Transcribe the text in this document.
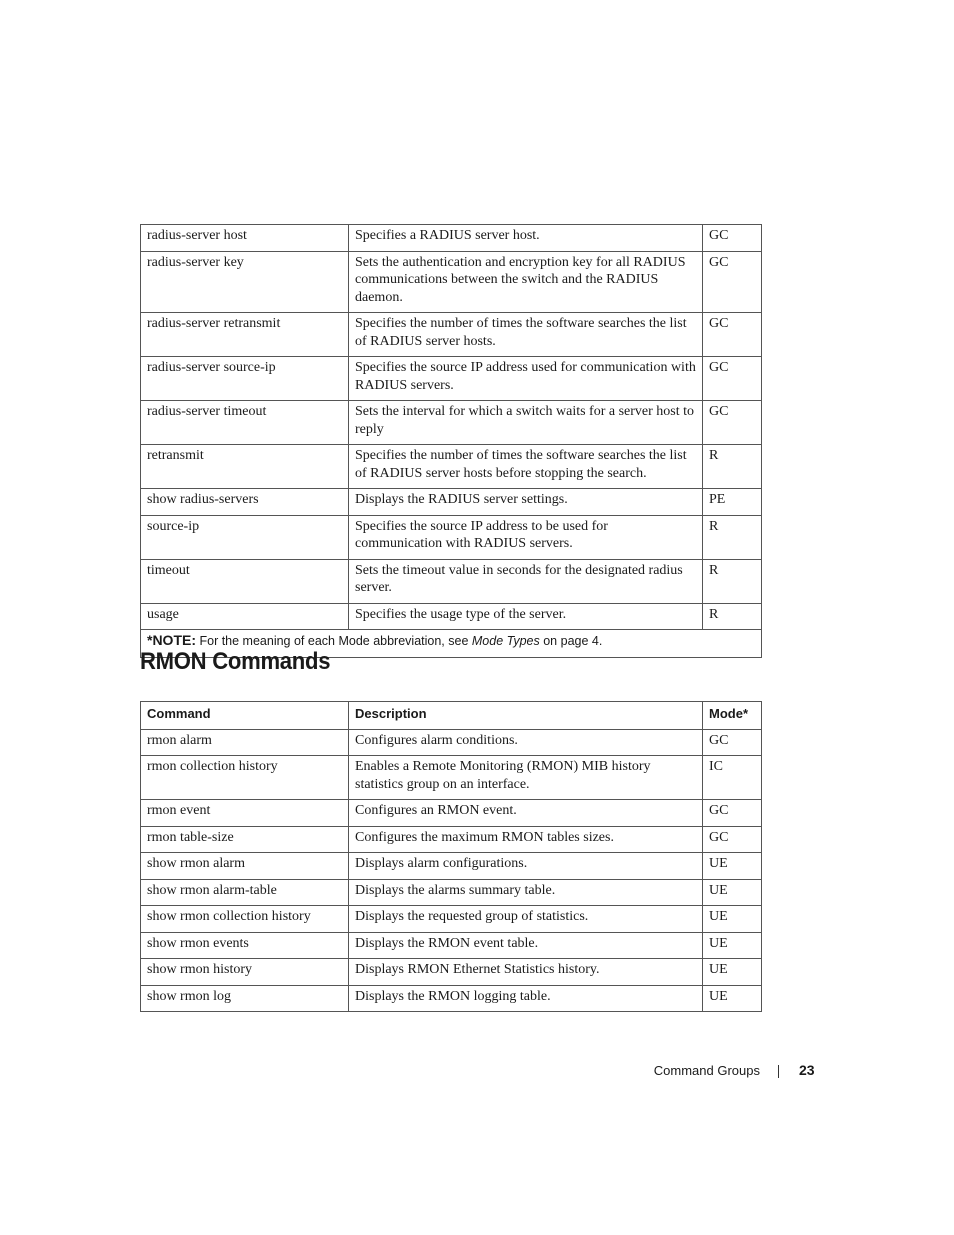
radius-server host	Specifies a RADIUS server host.	GC
radius-server key	Sets the authentication and encryption key for all RADIUS communications between the switch and the RADIUS daemon.	GC
radius-server retransmit	Specifies the number of times the software searches the list of RADIUS server hosts.	GC
radius-server source-ip	Specifies the source IP address used for communication with RADIUS servers.	GC
radius-server timeout	Sets the interval for which a switch waits for a server host to reply	GC
retransmit	Specifies the number of times the software searches the list of RADIUS server hosts before stopping the search.	R
show radius-servers	Displays the RADIUS server settings.	PE
source-ip	Specifies the source IP address to be used for communication with RADIUS servers.	R
timeout	Sets the timeout value in seconds for the designated radius server.	R
usage	Specifies the usage type of the server.	R
*NOTE: For the meaning of each Mode abbreviation, see Mode Types on page 4.		
RMON Commands
Command	Description	Mode*
rmon alarm	Configures alarm conditions.	GC
rmon collection history	Enables a Remote Monitoring (RMON) MIB history statistics group on an interface.	IC
rmon event	Configures an RMON event.	GC
rmon table-size	Configures the maximum RMON tables sizes.	GC
show rmon alarm	Displays alarm configurations.	UE
show rmon alarm-table	Displays the alarms summary table.	UE
show rmon collection history	Displays the requested group of statistics.	UE
show rmon events	Displays the RMON event table.	UE
show rmon history	Displays RMON Ethernet Statistics history.	UE
show rmon log	Displays the RMON logging table.	UE
Command Groups	23
